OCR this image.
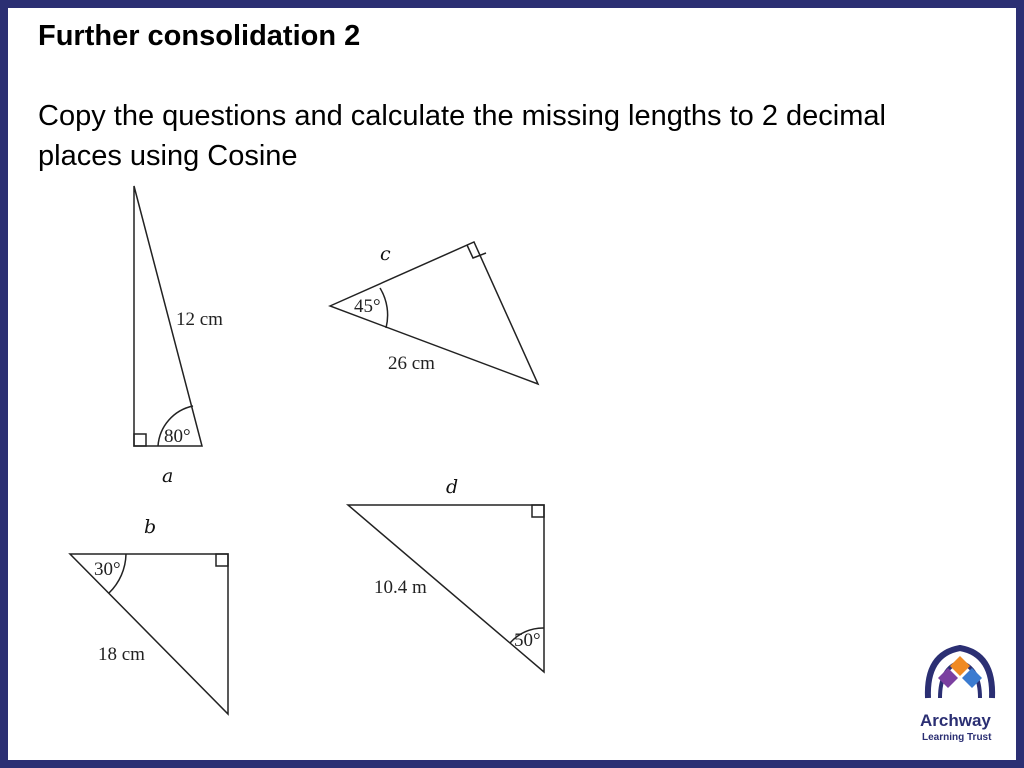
Further consolidation 2
Copy the questions and calculate the missing lengths to 2 decimal places using Cosine
12 cm
80°
a
45°
26 cm
c
30°
18 cm
b
10.4 m
50°
d
Archway
Learning Trust
